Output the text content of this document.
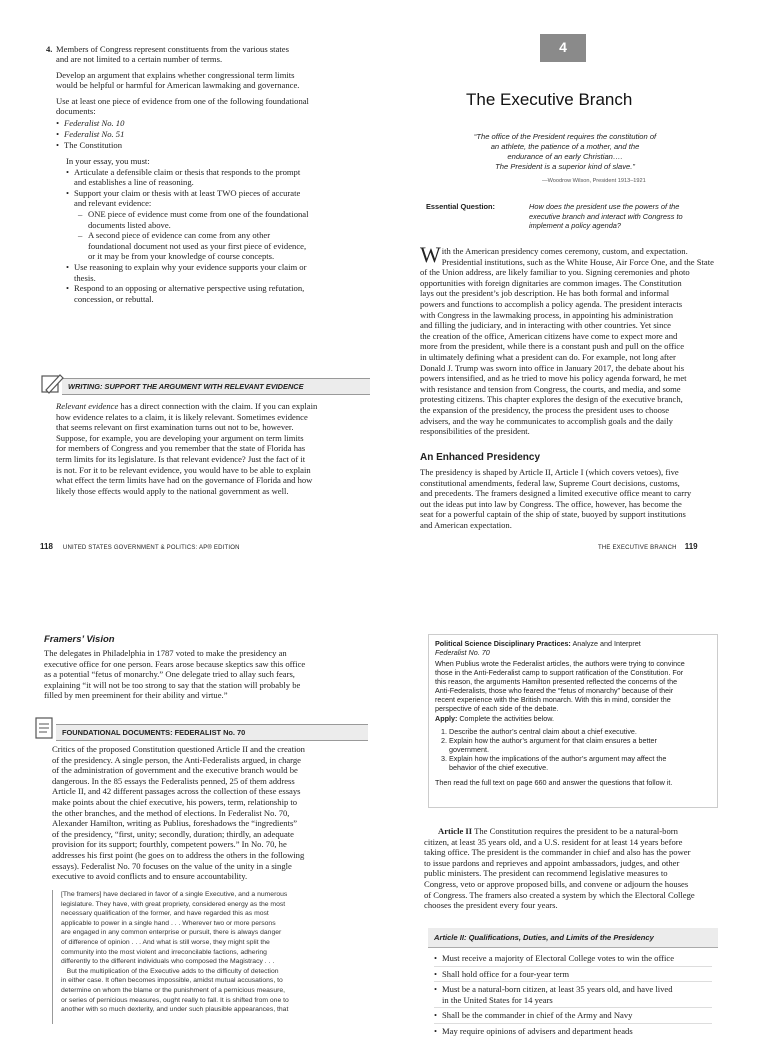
4. Members of Congress represent constituents from the various states
and are not limited to a certain number of terms.
Develop an argument that explains whether congressional term limits
would be helpful or harmful for American lawmaking and governance.
Use at least one piece of evidence from one of the following foundational
documents:
• Federalist No. 10
• Federalist No. 51
• The Constitution
In your essay, you must:
• Articulate a defensible claim or thesis that responds to the prompt
and establishes a line of reasoning.
• Support your claim or thesis with at least TWO pieces of accurate
and relevant evidence:
– ONE piece of evidence must come from one of the foundational
documents listed above.
– A second piece of evidence can come from any other
foundational document not used as your first piece of evidence,
or it may be from your knowledge of course concepts.
• Use reasoning to explain why your evidence supports your claim or
thesis.
• Respond to an opposing or alternative perspective using refutation,
concession, or rebuttal.
WRITING: SUPPORT THE ARGUMENT WITH RELEVANT EVIDENCE
Relevant evidence has a direct connection with the claim. If you can explain
how evidence relates to a claim, it is likely relevant. Sometimes evidence
that seems relevant on first examination turns out not to be, however.
Suppose, for example, you are developing your argument on term limits
for members of Congress and you remember that the state of Florida has
term limits for its legislature. Is that relevant evidence? Just the fact of it
is not. For it to be relevant evidence, you would have to be able to explain
what effect the term limits have had on the governance of Florida and how
likely those effects would apply to the national government as well.
118 UNITED STATES GOVERNMENT & POLITICS: AP® EDITION
4
The Executive Branch
“The office of the President requires the constitution of
an athlete, the patience of a mother, and the
endurance of an early Christian….
The President is a superior kind of slave.”
—Woodrow Wilson, President 1913–1921
Essential Question:	How does the president use the powers of the
executive branch and interact with Congress to
implement a policy agenda?
W ith the American presidency comes ceremony, custom, and expectation.
Presidential institutions, such as the White House, Air Force One, and the State
of the Union address, are likely familiar to you. Signing ceremonies and photo
opportunities with foreign dignitaries are common images. The Constitution
lays out the president’s job description. He has both formal and informal
powers and functions to accomplish a policy agenda. The president interacts
with Congress in the lawmaking process, in appointing his administration
and filling the judiciary, and in interacting with other countries. Yet since
the creation of the office, American citizens have come to expect more and
more from the president, while there is a constant push and pull on the office
in ultimately defining what a president can do. For example, not long after
Donald J. Trump was sworn into office in January 2017, the debate about his
powers intensified, and as he tried to move his policy agenda forward, he met
with resistance and tension from Congress, the courts, and media, and some
protesting citizens. This chapter explores the design of the executive branch,
the expansion of the presidency, the process the president uses to choose
advisers, and the way he communicates to accomplish goals and the daily
responsibilities of the president.
An Enhanced Presidency
The presidency is shaped by Article II, Article I (which covers vetoes), five
constitutional amendments, federal law, Supreme Court decisions, customs,
and precedents. The framers designed a limited executive office meant to carry
out the ideas put into law by Congress. The office, however, has become the
seat for a powerful captain of the ship of state, buoyed by support institutions
and American expectation.
THE EXECUTIVE BRANCH 119
Framers’ Vision
The delegates in Philadelphia in 1787 voted to make the presidency an
executive office for one person. Fears arose because skeptics saw this office
as a potential “fetus of monarchy.” One delegate tried to allay such fears,
explaining “it will not be too strong to say that the station will probably be
filled by men preeminent for their ability and virtue.”
FOUNDATIONAL DOCUMENTS: FEDERALIST No. 70
Critics of the proposed Constitution questioned Article II and the creation
of the presidency. A single person, the Anti-Federalists argued, in charge
of the administration of government and the executive branch would be
dangerous. In the 85 essays the Federalists penned, 25 of them address
Article II, and 42 different passages across the collection of these essays
make points about the chief executive, his powers, term, relationship to
the other branches, and the method of elections. In Federalist No. 70,
Alexander Hamilton, writing as Publius, foreshadows the “ingredients”
of the presidency, “first, unity; secondly, duration; thirdly, an adequate
provision for its support; fourthly, competent powers.” In No. 70, he
addresses his first point (he goes on to address the others in the following
essays). Federalist No. 70 focuses on the value of the unity in a single
executive to avoid conflicts and to ensure accountability.
[The framers] have declared in favor of a single Executive, and a numerous
legislature. They have, with great propriety, considered energy as the most
necessary qualification of the former, and have regarded this as most
applicable to power in a single hand . . . Wherever two or more persons
are engaged in any common enterprise or pursuit, there is always danger
of difference of opinion . . . And what is still worse, they might split the
community into the most violent and irreconcilable factions, adhering
differently to the different individuals who composed the Magistracy . . .
But the multiplication of the Executive adds to the difficulty of detection
in either case. It often becomes impossible, amidst mutual accusations, to
determine on whom the blame or the punishment of a pernicious measure,
or series of pernicious measures, ought really to fall. It is shifted from one to
another with so much dexterity, and under such plausible appearances, that
Political Science Disciplinary Practices: Analyze and Interpret
Federalist No. 70
When Publius wrote the Federalist articles, the authors were trying to convince
those in the Anti-Federalist camp to support ratification of the Constitution. For
this reason, the arguments Hamilton presented reflected the concerns of the
Anti-Federalists, those who feared the “fetus of monarchy” because of their
recent experience with the British monarch. With this in mind, consider the
perspective of each side of the debate.
Apply: Complete the activities below.
1. Describe the author’s central claim about a chief executive.
2. Explain how the author’s argument for that claim ensures a better
government.
3. Explain how the implications of the author’s argument may affect the
behavior of the chief executive.
Then read the full text on page 660 and answer the questions that follow it.
Article II The Constitution requires the president to be a natural-born
citizen, at least 35 years old, and a U.S. resident for at least 14 years before
taking office. The president is the commander in chief and also has the power
to issue pardons and reprieves and appoint ambassadors, judges, and other
public ministers. The president can recommend legislative measures to
Congress, veto or approve proposed bills, and convene or adjourn the houses
of Congress. The framers also created a system by which the Electoral College
chooses the president every four years.
Article II: Qualifications, Duties, and Limits of the Presidency
• Must receive a majority of Electoral College votes to win the office
• Shall hold office for a four-year term
• Must be a natural-born citizen, at least 35 years old, and have lived
in the United States for 14 years
• Shall be the commander in chief of the Army and Navy
• May require opinions of advisers and department heads
